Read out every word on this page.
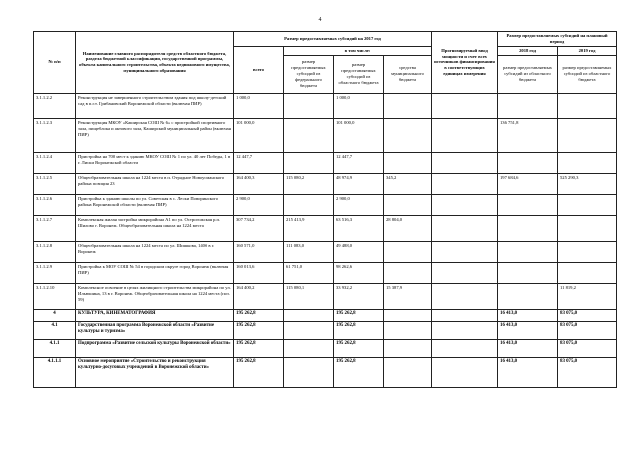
4
№ п/п	Наименование главного распорядителя средств областного бюджета, раздела бюджетной классификации, государственной программы, объекта капитального строительства, объекта недвижимого имущества, муниципального образования	Размер предоставляемых субсидий на 2017 год				Прогнозируемый ввод мощности и счет всех источников финансирования в соответствующих единицах измерения	Размер предоставляемых субсидий на плановый период	
		всего	в том числе:				2018 год	2019 год
			размер предоставляемых субсидий из федерального бюджета	размер предоставляемых субсидий из областного бюджета	средства муниципального бюджета		размер предоставляемых субсидий из областного бюджета	размер предоставляемых субсидий из областного бюджета
3.1.1.2.2	Реконструкция не завершенного строительством здания под школу-детский сад в п.г.т. Грибановский Воронежской области (включая ПИР)	1 000,0		1 000,0				
3.1.1.2.3	Реконструкция МКОУ «Каширская СОШ № 6» с пристройкой спортивного зала, пищеблока и актового зала, Каширский муниципальный район (включая ПИР)	101 000,0		101 000,0			136 751,8	
3.1.1.2.4	Пристройка на 700 мест к зданию МКОУ СОШ № 1 по ул. 40 лет Победы, 1 в г. Лиски Воронежской области	12 447,7		12 447,7				
3.1.1.2.5	Общеобразовательная школа на 1224 места в п. Отрадное Новоусманского района позиция 23	164 400,3	115 080,2	48 974,9	345,2		197 684,6	525 290,3
3.1.1.2.6	Пристройка к зданию школы по ул. Советская в с. Лески Поворинского района Воронежской области (включая ПИР)	2 900,0		2 900,0				
3.1.1.2.7	Комплексная жилая застройка микрорайона А1 по ул. Острогожская р.п. Шилово г. Воронеж. Общеобразовательная школа на 1224 места	307 734,2	215 413,9	63 516,3	28 804,0			
3.1.1.2.8	Общеобразовательная школа на 1224 места по ул. Шишкова, 140б в г. Воронеж	160 571,0	111 083,0	49 488,0				
3.1.1.2.9	Пристройка к МОУ СОШ № 54 в городском округе город Воронеж (включая ПИР)	160 013,6	61 751,0	98 262,6				
3.1.1.2.10	Комплексное освоение в целях жилищного строительства микрорайона по ул. Ильюшина, 13 в г. Воронеж. Общеобразовательная школа на 1224 места (поз. 59)	164 400,2	115 080,1	33 932,2	15 387,9			11 819,2
4	КУЛЬТУРА, КИНЕМАТОГРАФИЯ	195 262,8		195 262,8			16 413,0	83 075,0
4.1	Государственная программа Воронежской области «Развитие культуры и туризма»	195 262,8		195 262,8			16 413,0	83 075,0
4.1.1	Подпрограмма «Развитие сельской культуры Воронежской области»	195 262,8		195 262,8			16 413,0	83 075,0
4.1.1.1	Основное мероприятие «Строительство и реконструкция культурно-досуговых учреждений в Воронежской области»	195 262,8		195 262,8			16 413,0	83 075,0
